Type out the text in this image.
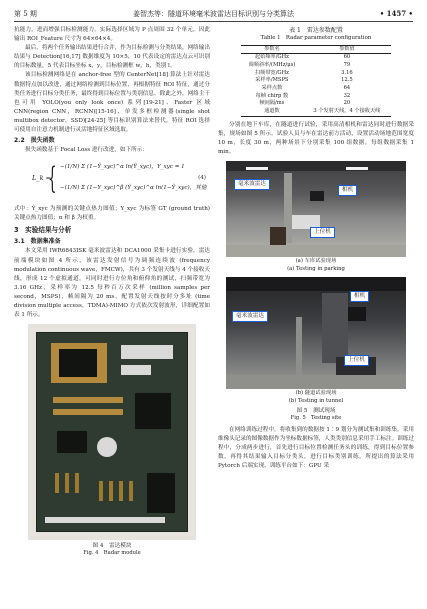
第 5 期	姜智杰等：隧道环境毫米波雷达目标识别与分类算法	• 1457 •

抗能力，进而增强目标检测能力。实际选择区域为 P 点周围 32 个单元，因此输出 ROI_Feature 尺寸为 64×64×4。

最后，将两个任务输出结果进行合并，作为目标检测与分类结果，网络输出结果与 Detection[16,17] 数据维度为 10×5，10 代表设定的雷达点云可识别的目标数量，5 代表目标坐标 x，y，目标检测框 w，h，类别 l。

该目标检测网络是在 anchor-free 型的 CenterNet[18] 算法上针对雷达数据特点加以改进，通过网络检测到目标位置，再根据特征 ROI 特征，通过分类任务进行目标分类任务，最终得到目标位置与类别信息。除此之外，网络主干也可用 YOLO(you only look once) 系列[19-21]、Faster 区域 CNN(region CNN，RCNN)[15-16]、单发多框检测器(single shot multibox detector，SSD)[24-25] 等目标识别算法来替代，特征 ROI 选择可使用自注意力机制进行灵活地特征区域选取。

2.2　损失函数

损失函数基于 Focal Loss 进行改进，如下所示：

L_k =
{ −(1/N) Σ (1−Ŷ_xyc)^α ln(Ŷ_xyc)，Y_xyc = 1
−(1/N) Σ (1−Y_xyc)^β (Ŷ_xyc)^α ln(1−Ŷ_xyc)，其他
(4)

式中：Ŷ_xyc 为预测的关键点热力图值；Y_xyc 为标签 GT (ground truth) 关键点热力图值；α 和 β 为权重。

3　实验结果与分析
3.1　数据集准备

本文采用 IWR6843ISK 毫米波雷达和 DCA1000 采集卡进行实验，雷达前端模块如图 4 所示，该雷达发射信号为调频连续波 (frequency modulation continuous wave，FMCW)，共有 3 个发射天线与 4 个接收天线，形成 12 个虚拟通道，可同时进行方位角和俯仰角的测试，扫频带宽为 3.16 GHz，采样率为 12.5 每秒百万次采样 (million samples per second，MSPS)，帧间隔为 20 ms，配置发射天线按时分多址 (time division multiple access，TDMA)-MIMO 方式依次发射波形，详细配置如表 1 所示。

图 4　雷达模块
Fig. 4　Radar module
表 1　雷达参数配置
Table 1　Radar parameter configuration
参数名	参数值
起始频率/GHz	60
调频斜率/(MHz/μs)	79
扫频带宽/GHz	3.16
采样率/MSPS	12.5
采样点数	64
每帧 chirp 数	32
帧间隔/ms	20
通道数	3 个发射天线，4 个接收天线

分别在地下车库，在隧道进行试验，采用高清相机和雷达同时进行数据采集，规场如图 5 所示。试验人员与车在雷达前方活动，设置活动场地范围宽度 10 m，长度 30 m，两种场景下分别采集 100 组数据，每组数据采集 1 min。

毫米波雷达
相机
上位机
(a) 车库试验现场
(a) Testing in parking
毫米波雷达
相机
上位机
(b) 隧道试验现场
(b) Testing in tunnel
图 5　测试现场
Fig. 5　Testing site

在网络训练过程中，将收集到的数据按 1∶9 划分为测试集和训练集。采用维像头记录的图像数据作为坐标数据标签，人类类别信息采用手工标注。训练过程中，分成两步进行，首先进行目标位置检测任务头的训练，得到目标位置参数，再得其结果输入目标分类头，进行目标类别训练。所提出的算法采用 Pytorch 后端实现，训练平台如下：GPU 采
